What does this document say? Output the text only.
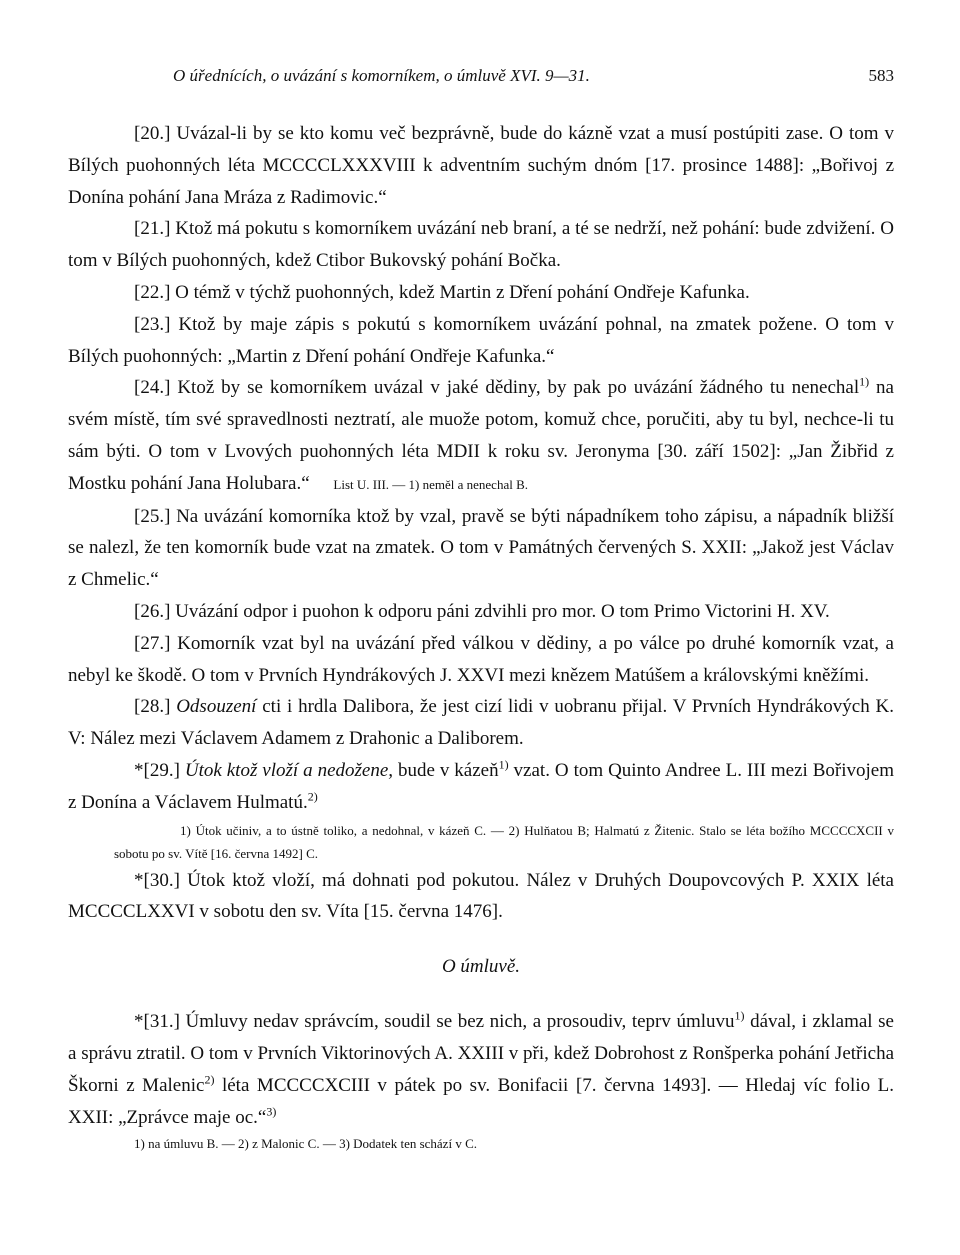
O úřednících, o uvázání s komorníkem, o úmluvě XVI. 9—31.	583

[20.] Uvázal-li by se kto komu več bezprávně, bude do kázně vzat a musí postúpiti zase. O tom v Bílých puohonných léta MCCCCLXXXVIII k adventním suchým dnóm [17. prosince 1488]: „Bořivoj z Donína pohání Jana Mráza z Radimovic.“

[21.] Ktož má pokutu s komorníkem uvázání neb braní, a té se nedrží, než pohání: bude zdvižení. O tom v Bílých puohonných, kdež Ctibor Bukovský pohání Bočka.

[22.] O témž v týchž puohonných, kdež Martin z Dření pohání Ondřeje Kafunka.

[23.] Ktož by maje zápis s pokutú s komorníkem uvázání pohnal, na zmatek požene. O tom v Bílých puohonných: „Martin z Dření pohání Ondřeje Kafunka.“

[24.] Ktož by se komorníkem uvázal v jaké dědiny, by pak po uvázání žádného tu nenechal$^{1)}$ na svém místě, tím své spravedlnosti neztratí, ale muože potom, komuž chce, poručiti, aby tu byl, nechce-li tu sám býti. O tom v Lvových puohonných léta MDII k roku sv. Jeronyma [30. září 1502]: „Jan Žibřid z Mostku pohání Jana Holubara.“ List U. III. — 1) neměl a nenechal B.

[25.] Na uvázání komorníka ktož by vzal, pravě se býti nápadníkem toho zápisu, a nápadník bližší se nalezl, že ten komorník bude vzat na zmatek. O tom v Památných červených S. XXII: „Jakož jest Václav z Chmelic.“

[26.] Uvázání odpor i puohon k odporu páni zdvihli pro mor. O tom Primo Victorini H. XV.

[27.] Komorník vzat byl na uvázání před válkou v dědiny, a po válce po druhé komorník vzat, a nebyl ke škodě. O tom v Prvních Hyndrákových J. XXVI mezi knězem Matúšem a královskými kněžími.

[28.] Odsouzení cti i hrdla Dalibora, že jest cizí lidi v uobranu přijal. V Prvních Hyndrákových K. V: Nález mezi Václavem Adamem z Drahonic a Daliborem.

*[29.] Útok ktož vloží a nedožene, bude v kázeň$^{1)}$ vzat. O tom Quinto Andree L. III mezi Bořivojem z Donína a Václavem Hulmatú.$^{2)}$

1) Útok učiniv, a to ústně toliko, a nedohnal, v kázeň C. — 2) Hulňatou B; Halmatú z Žitenic. Stalo se léta božího MCCCCXCII v sobotu po sv. Vítě [16. června 1492] C.

*[30.] Útok ktož vloží, má dohnati pod pokutou. Nález v Druhých Doupovcových P. XXIX léta MCCCCLXXVI v sobotu den sv. Víta [15. června 1476].

O úmluvě.

*[31.] Úmluvy nedav správcím, soudil se bez nich, a prosoudiv, teprv úmluvu$^{1)}$ dával, i zklamal se a správu ztratil. O tom v Prvních Viktorinových A. XXIII v při, kdež Dobrohost z Ronšperka pohání Jetřicha Škorni z Malenic$^{2)}$ léta MCCCCXCIII v pátek po sv. Bonifacii [7. června 1493]. — Hledaj víc folio L. XXII: „Zprávce maje oc.“$^{3)}$

1) na úmluvu B. — 2) z Malonic C. — 3) Dodatek ten schází v C.
